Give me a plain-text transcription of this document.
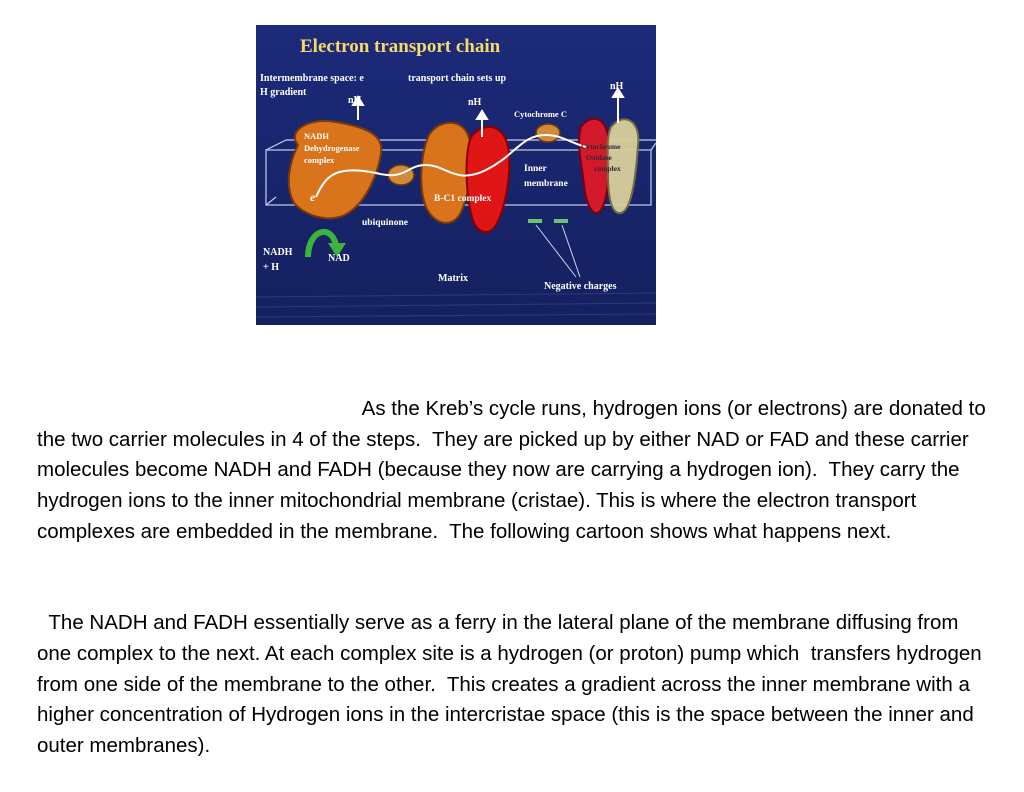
Electron transport chain
Intermembrane space: e	transport chain sets up
H gradient
nH	nH
nH
Cytochrome C
NADH
Dehydrogenase
complex
Cytochrome
Oxidase
complex
Inner
membrane
e	B-C1 complex
ubiquinone
NADH
+ H
NAD
Matrix
Negative charges

As the Kreb’s cycle runs, hydrogen ions (or electrons) are donated to the two carrier molecules in 4 of the steps.  They are picked up by either NAD or FAD and these carrier molecules become NADH and FADH (because they now are carrying a hydrogen ion).  They carry the hydrogen ions to the inner mitochondrial membrane (cristae). This is where the electron transport complexes are embedded in the membrane.  The following cartoon shows what happens next.

The NADH and FADH essentially serve as a ferry in the lateral plane of the membrane diffusing from one complex to the next. At each complex site is a hydrogen (or proton) pump which  transfers hydrogen from one side of the membrane to the other.  This creates a gradient across the inner membrane with a higher concentration of Hydrogen ions in the intercristae space (this is the space between the inner and outer membranes).
